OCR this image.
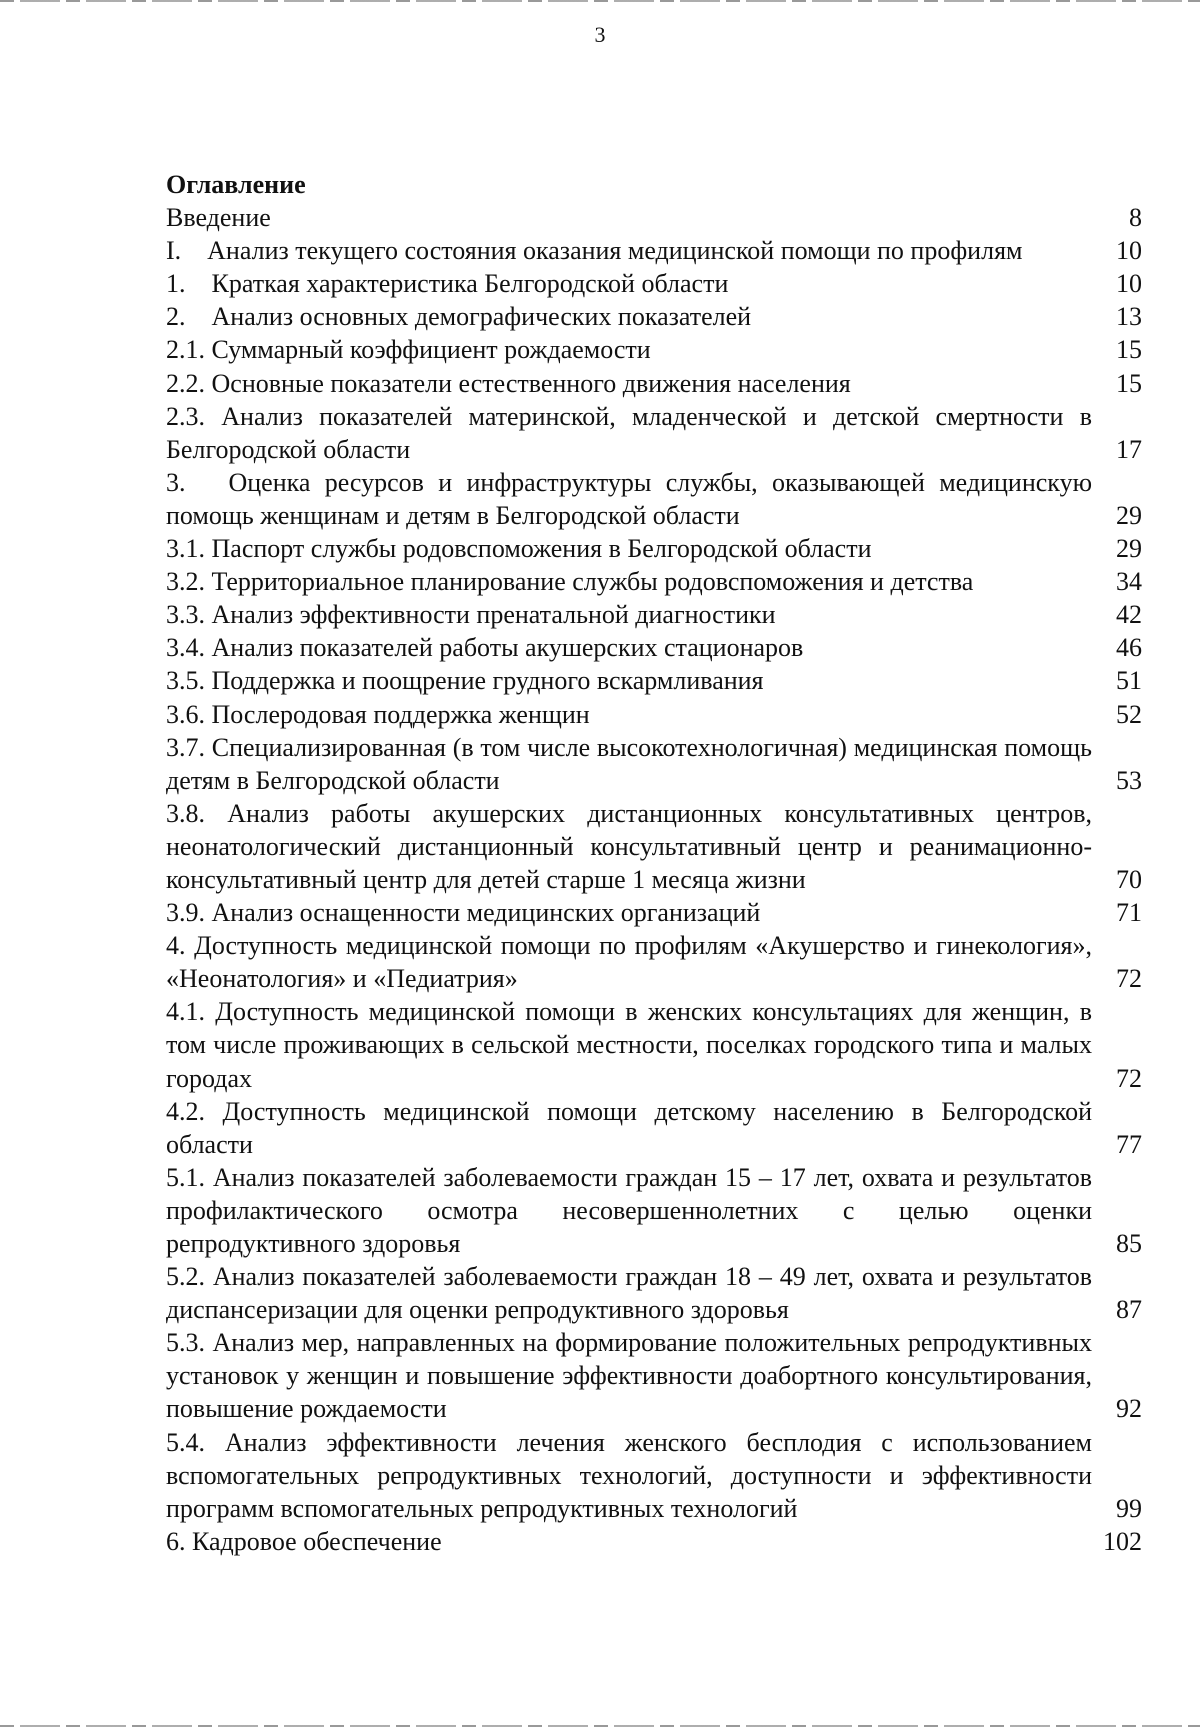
3
Оглавление
Введение	8
I.    Анализ текущего состояния оказания медицинской помощи по профилям	10
1.    Краткая характеристика Белгородской области	10
2.    Анализ основных демографических показателей	13
2.1. Суммарный коэффициент рождаемости	15
2.2. Основные показатели естественного движения населения	15
2.3. Анализ показателей материнской, младенческой и детской смертности в Белгородской области	17
3.   Оценка ресурсов и инфраструктуры службы, оказывающей медицинскую помощь женщинам и детям в Белгородской области	29
3.1. Паспорт службы родовспоможения в Белгородской области	29
3.2. Территориальное планирование службы родовспоможения и детства	34
3.3. Анализ эффективности пренатальной диагностики	42
3.4. Анализ показателей работы акушерских стационаров	46
3.5. Поддержка и поощрение грудного вскармливания	51
3.6. Послеродовая поддержка женщин	52
3.7. Специализированная (в том числе высокотехнологичная) медицинская помощь детям в Белгородской области	53
3.8. Анализ работы акушерских дистанционных консультативных центров, неонатологический дистанционный консультативный центр и реанимационно-консультативный центр для детей старше 1 месяца жизни	70
3.9. Анализ оснащенности медицинских организаций	71
4. Доступность медицинской помощи по профилям «Акушерство и гинекология», «Неонатология» и «Педиатрия»	72
4.1. Доступность медицинской помощи в женских консультациях для женщин, в том числе проживающих в сельской местности, поселках городского типа и малых городах	72
4.2. Доступность медицинской помощи детскому населению в Белгородской области	77
5.1. Анализ показателей заболеваемости граждан 15 – 17 лет, охвата и результатов профилактического осмотра несовершеннолетних с целью оценки репродуктивного здоровья	85
5.2. Анализ показателей заболеваемости граждан 18 – 49 лет, охвата и результатов диспансеризации для оценки репродуктивного здоровья	87
5.3. Анализ мер, направленных на формирование положительных репродуктивных установок у женщин и повышение эффективности доабортного консультирования, повышение рождаемости	92
5.4. Анализ эффективности лечения женского бесплодия с использованием вспомогательных репродуктивных технологий, доступности и эффективности программ вспомогательных репродуктивных технологий	99
6. Кадровое обеспечение	102
